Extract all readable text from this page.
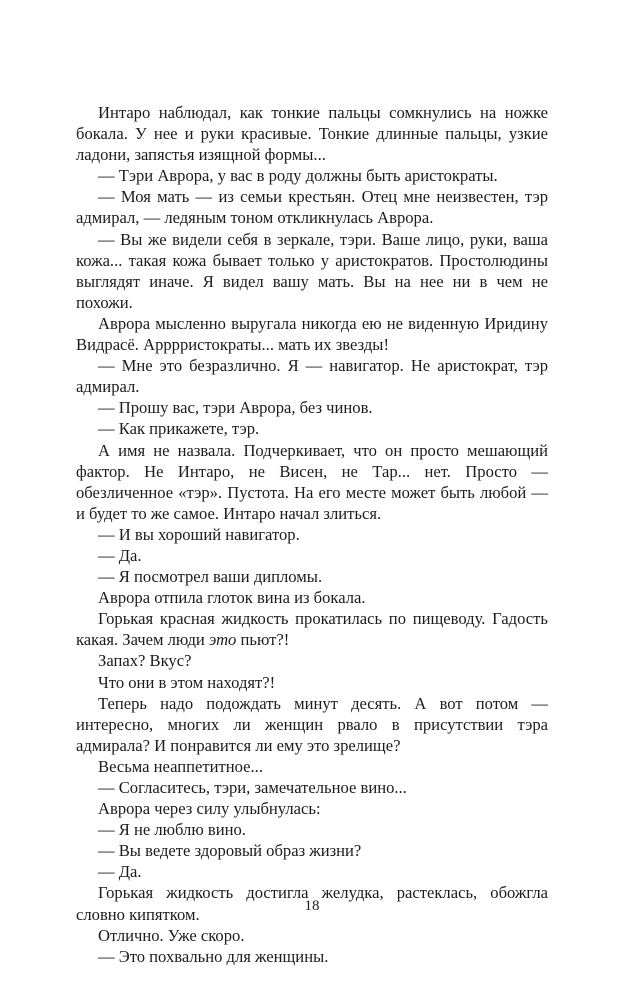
Интаро наблюдал, как тонкие пальцы сомкнулись на ножке бокала. У нее и руки красивые. Тонкие длинные пальцы, узкие ладони, запястья изящной формы...

— Тэри Аврора, у вас в роду должны быть аристократы.

— Моя мать — из семьи крестьян. Отец мне неизвестен, тэр адмирал, — ледяным тоном откликнулась Аврора.

— Вы же видели себя в зеркале, тэри. Ваше лицо, руки, ваша кожа... такая кожа бывает только у аристократов. Простолюдины выглядят иначе. Я видел вашу мать. Вы на нее ни в чем не похожи.

Аврора мысленно выругала никогда ею не виденную Иридину Видрасё. Арррристократы... мать их звезды!

— Мне это безразлично. Я — навигатор. Не аристократ, тэр адмирал.

— Прошу вас, тэри Аврора, без чинов.

— Как прикажете, тэр.

А имя не назвала. Подчеркивает, что он просто мешающий фактор. Не Интаро, не Висен, не Тар... нет. Просто — обезличенное «тэр». Пустота. На его месте может быть любой — и будет то же самое. Интаро начал злиться.

— И вы хороший навигатор.

— Да.

— Я посмотрел ваши дипломы.

Аврора отпила глоток вина из бокала.

Горькая красная жидкость прокатилась по пищеводу. Гадость какая. Зачем люди это пьют?!

Запах? Вкус?

Что они в этом находят?!

Теперь надо подождать минут десять. А вот потом — интересно, многих ли женщин рвало в присутствии тэра адмирала? И понравится ли ему это зрелище?

Весьма неаппетитное...

— Согласитесь, тэри, замечательное вино...

Аврора через силу улыбнулась:

— Я не люблю вино.

— Вы ведете здоровый образ жизни?

— Да.

Горькая жидкость достигла желудка, растеклась, обожгла словно кипятком.

Отлично. Уже скоро.

— Это похвально для женщины.

18
